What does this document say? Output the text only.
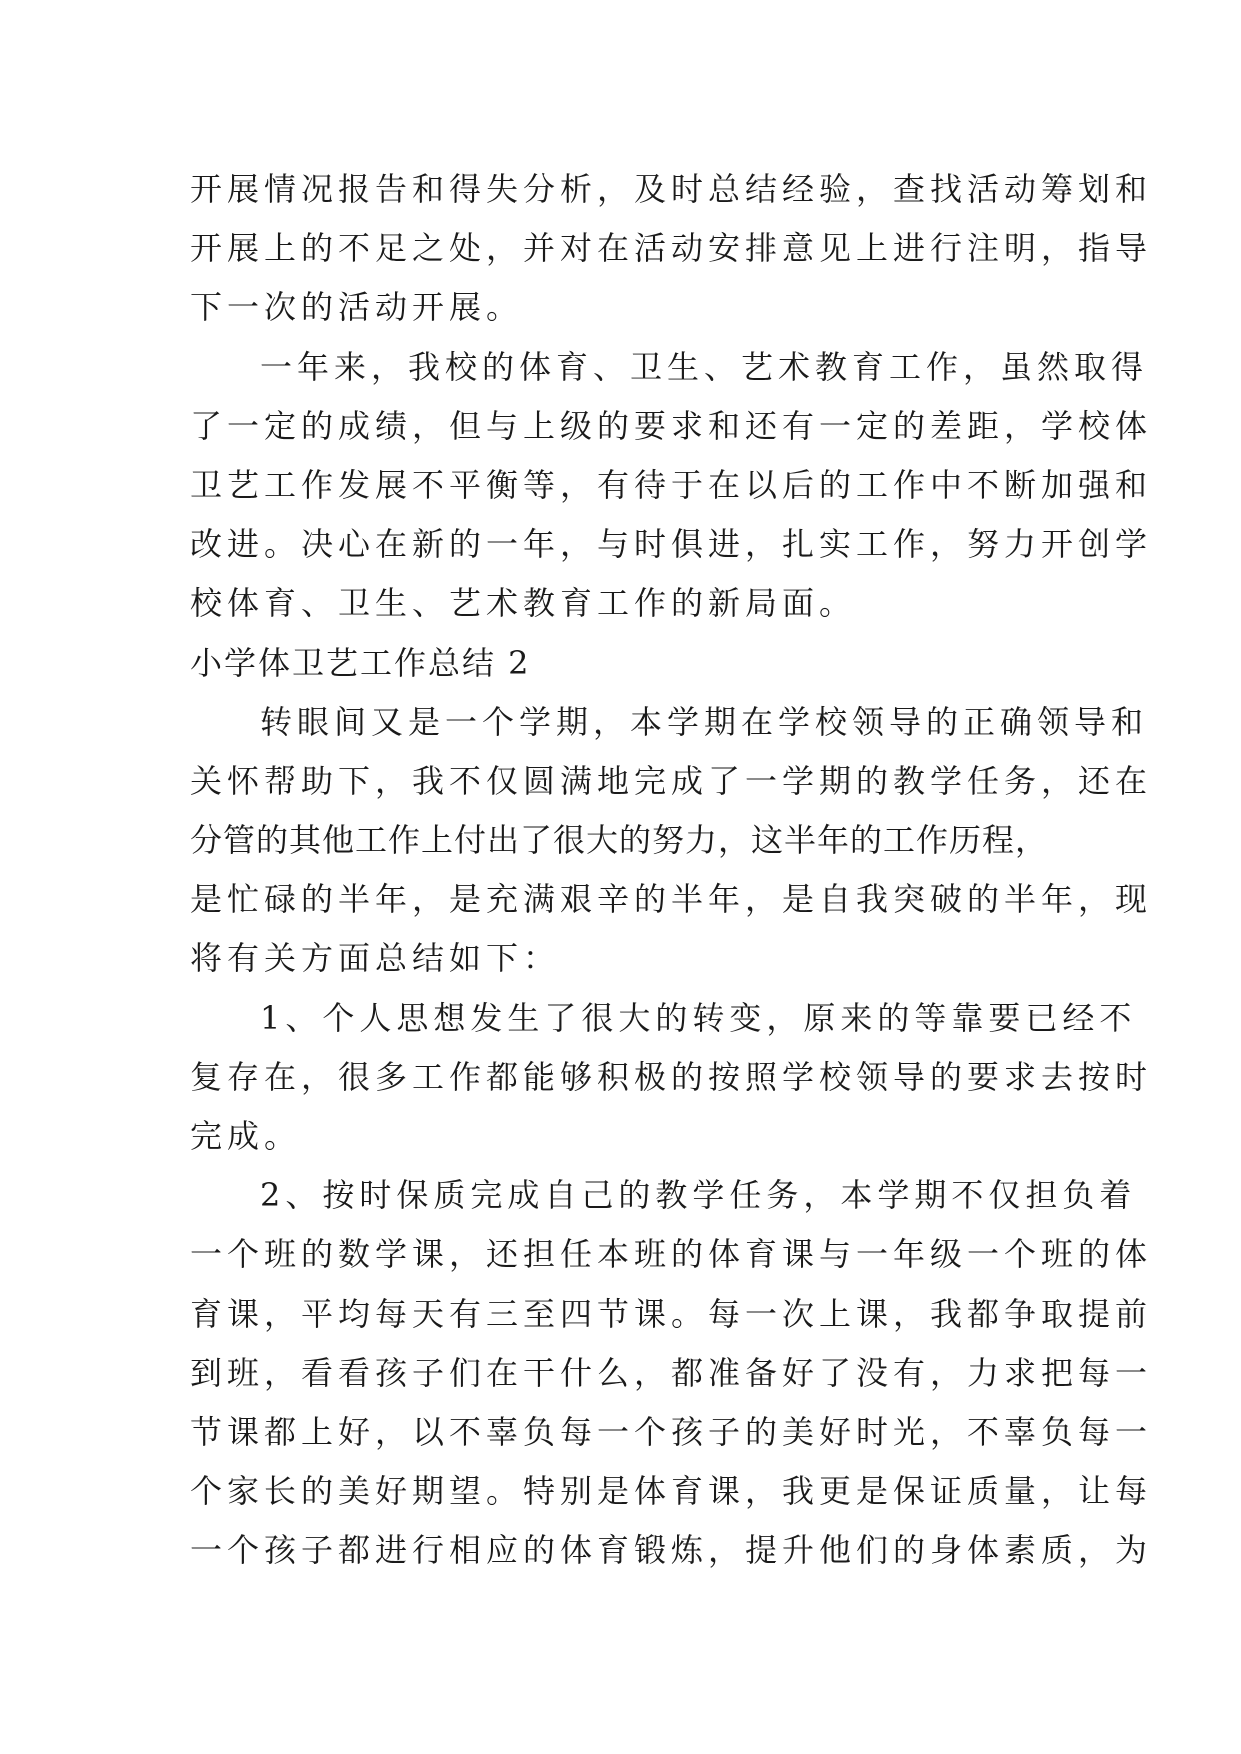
开展情况报告和得失分析，及时总结经验，查找活动筹划和
开展上的不足之处，并对在活动安排意见上进行注明，指导
下一次的活动开展。
一年来，我校的体育、卫生、艺术教育工作，虽然取得
了一定的成绩，但与上级的要求和还有一定的差距，学校体
卫艺工作发展不平衡等，有待于在以后的工作中不断加强和
改进。决心在新的一年，与时俱进，扎实工作，努力开创学
校体育、卫生、艺术教育工作的新局面。
小学体卫艺工作总结 2
转眼间又是一个学期，本学期在学校领导的正确领导和
关怀帮助下，我不仅圆满地完成了一学期的教学任务，还在
分管的其他工作上付出了很大的努力，这半年的工作历程，
是忙碌的半年，是充满艰辛的半年，是自我突破的半年，现
将有关方面总结如下：
1、个人思想发生了很大的转变，原来的等靠要已经不
复存在，很多工作都能够积极的按照学校领导的要求去按时
完成。
2、按时保质完成自己的教学任务，本学期不仅担负着
一个班的数学课，还担任本班的体育课与一年级一个班的体
育课，平均每天有三至四节课。每一次上课，我都争取提前
到班，看看孩子们在干什么，都准备好了没有，力求把每一
节课都上好，以不辜负每一个孩子的美好时光，不辜负每一
个家长的美好期望。特别是体育课，我更是保证质量，让每
一个孩子都进行相应的体育锻炼，提升他们的身体素质，为
